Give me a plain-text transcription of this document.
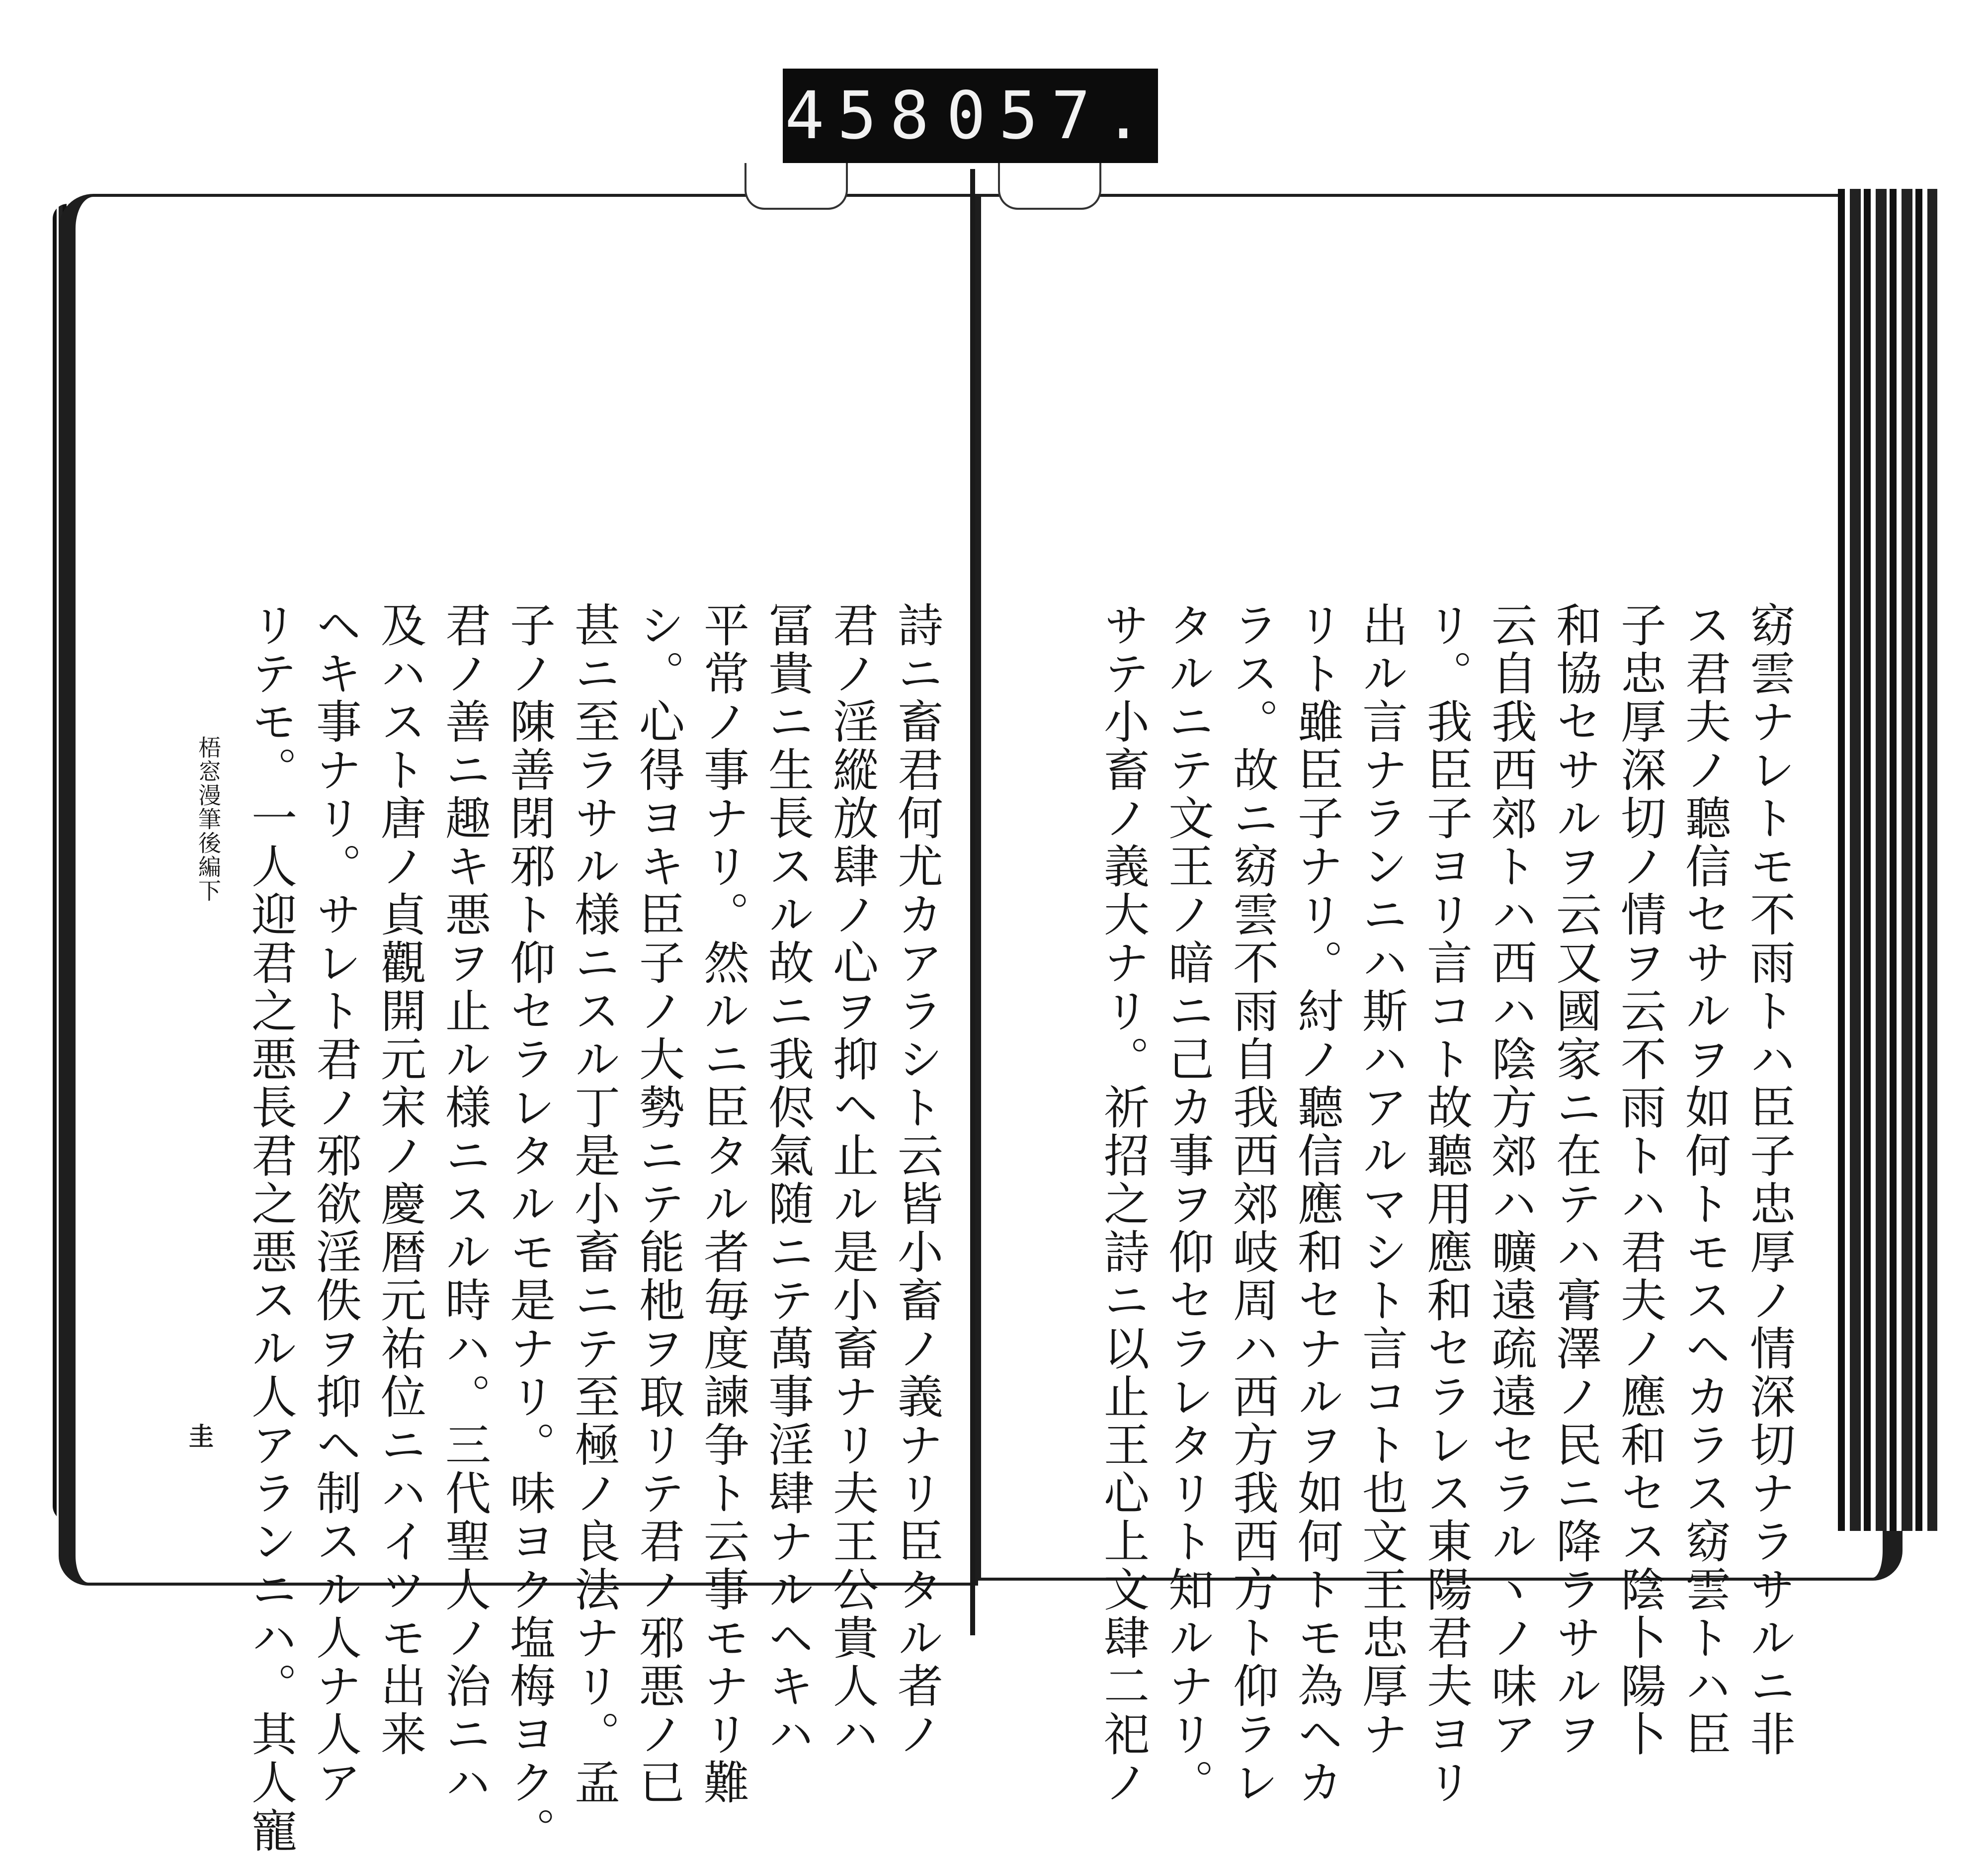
458 057.
窈雲ナレトモ不雨トハ臣子忠厚ノ情深切ナラサルニ非
ス君夫ノ聽信セサルヲ如何トモスヘカラス窈雲トハ臣
子忠厚深切ノ情ヲ云不雨トハ君夫ノ應和セス陰卜陽卜
和協セサルヲ云又國家ニ在テハ膏澤ノ民ニ降ラサルヲ
云自我西郊トハ西ハ陰方郊ハ曠遠疏遠セラルヽノ味ア
リ。我臣子ヨリ言コト故聽用應和セラレス東陽君夫ヨリ
出ル言ナランニハ斯ハアルマシト言コト也文王忠厚ナ
リト雖臣子ナリ。紂ノ聽信應和セナルヲ如何トモ為ヘカ
ラス。故ニ窈雲不雨自我西郊岐周ハ西方我西方ト仰ラレ
タルニテ文王ノ暗ニ己カ事ヲ仰セラレタリト知ルナリ。
サテ小畜ノ義大ナリ。祈招之詩ニ以止王心上文肆二祀ノ
詩ニ畜君何尤カアラシト云皆小畜ノ義ナリ臣タル者ノ
君ノ淫縱放肆ノ心ヲ抑ヘ止ル是小畜ナリ夫王公貴人ハ
冨貴ニ生長スル故ニ我侭氣随ニテ萬事淫肆ナルヘキハ
平常ノ事ナリ。然ルニ臣タル者毎度諫争ト云事モナリ難
シ。心得ヨキ臣子ノ大勢ニテ能杝ヲ取リテ君ノ邪悪ノ已
甚ニ至ラサル様ニスル丁是小畜ニテ至極ノ良法ナリ。孟
子ノ陳善閉邪ト仰セラレタルモ是ナリ。味ヨク塩梅ヨク。
君ノ善ニ趣キ悪ヲ止ル様ニスル時ハ。三代聖人ノ治ニハ
及ハスト唐ノ貞觀開元宋ノ慶暦元祐位ニハイツモ出来
ヘキ事ナリ。サレト君ノ邪欲淫佚ヲ抑ヘ制スル人ナ人ア
リテモ。一人迎君之悪長君之悪スル人アランニハ。其人寵
梧窓漫筆後編下
圭
